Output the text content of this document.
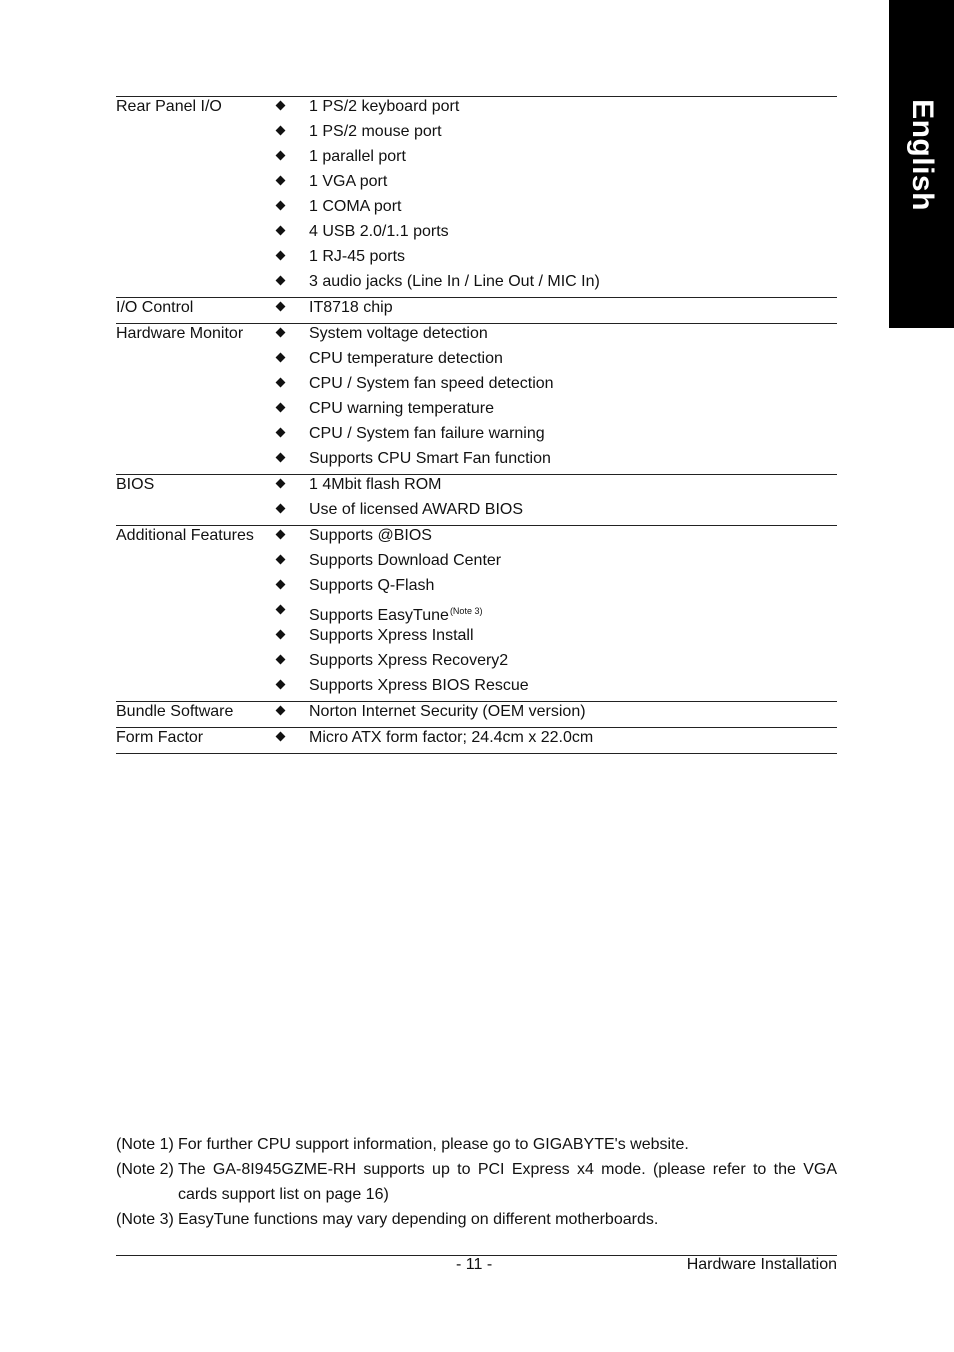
English
Rear Panel I/O	1 PS/2 keyboard port
1 PS/2 mouse port
1 parallel port
1 VGA port
1 COMA port
4 USB 2.0/1.1 ports
1 RJ-45 ports
3 audio jacks (Line In / Line Out / MIC In)
I/O Control	IT8718 chip
Hardware Monitor	System voltage detection
CPU temperature detection
CPU / System fan speed detection
CPU warning temperature
CPU / System fan failure warning
Supports CPU Smart Fan function
BIOS	1 4Mbit flash ROM
Use of licensed AWARD BIOS
Additional Features	Supports @BIOS
Supports Download Center
Supports Q-Flash
Supports EasyTune$^{(Note 3)}$
Supports Xpress Install
Supports Xpress Recovery2
Supports Xpress BIOS Rescue
Bundle Software	Norton Internet Security (OEM version)
Form Factor	Micro ATX form factor; 24.4cm x 22.0cm
(Note 1) For further CPU support information, please go to GIGABYTE's website.
(Note 2) The GA-8I945GZME-RH supports up to PCI Express x4 mode. (please refer to the VGA cards support list on page 16)
(Note 3) EasyTune functions may vary depending on different motherboards.
- 11 -	Hardware Installation
